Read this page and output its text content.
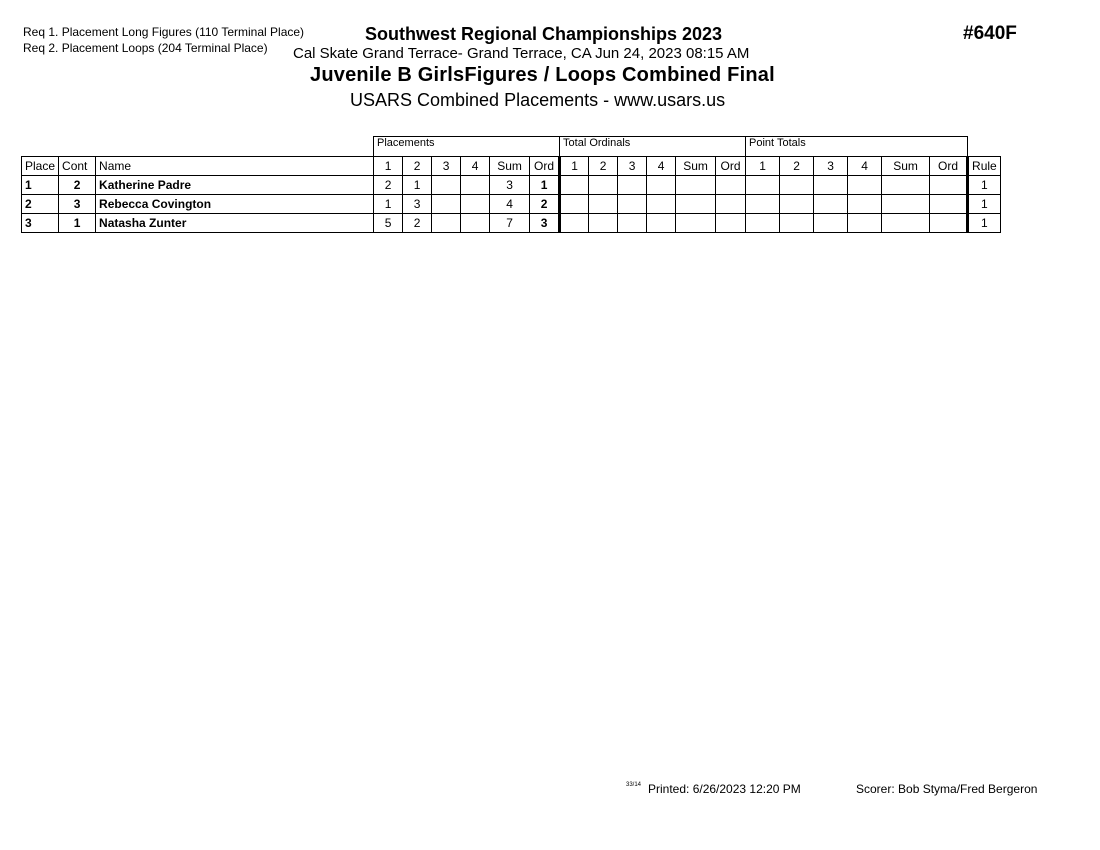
Req 1. Placement Long Figures (110 Terminal Place)
Req 2. Placement Loops (204 Terminal Place)
Southwest Regional Championships 2023
Cal Skate Grand Terrace- Grand Terrace, CA Jun 24, 2023 08:15 AM
Juvenile B GirlsFigures / Loops Combined Final
USARS Combined Placements - www.usars.us
#640F
			Placements						Total Ordinals						Point Totals						
Place	Cont	Name	1	2	3	4	Sum	Ord	1	2	3	4	Sum	Ord	1	2	3	4	Sum	Ord	Rule
1	2	Katherine Padre	2	1			3	1													1
2	3	Rebecca Covington	1	3			4	2													1
3	1	Natasha Zunter	5	2			7	3													1
33/14 Printed: 6/26/2023 12:20 PM	Scorer: Bob Styma/Fred Bergeron
